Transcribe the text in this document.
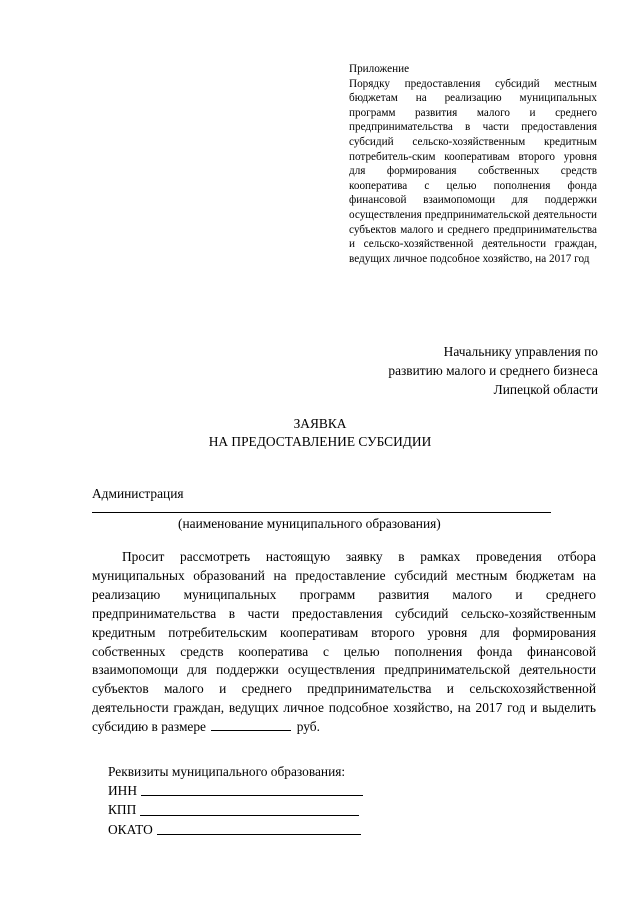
Приложение
Порядку предоставления субсидий местным бюджетам на реализацию муниципальных программ развития малого и среднего предпринимательства в части предоставления субсидий сельско-хозяйственным кредитным потребитель-ским кооперативам второго уровня для формирования собственных средств кооператива с целью пополнения фонда финансовой взаимопомощи для поддержки осуществления предпринимательской деятельности субъектов малого и среднего предпринимательства и сельско-хозяйственной деятельности граждан, ведущих личное подсобное хозяйство, на 2017 год
Начальнику управления по
развитию малого и среднего бизнеса
Липецкой области
ЗАЯВКА
НА ПРЕДОСТАВЛЕНИЕ СУБСИДИИ
Администрация
(наименование муниципального образования)

Просит рассмотреть настоящую заявку в рамках проведения отбора муниципальных образований на предоставление субсидий местным бюджетам на реализацию муниципальных программ развития малого и среднего предпринимательства в части предоставления субсидий сельско-хозяйственным кредитным потребительским кооперативам второго уровня для формирования собственных средств кооператива с целью пополнения фонда финансовой взаимопомощи для поддержки осуществления предпринимательской деятельности субъектов малого и среднего предпринимательства и сельскохозяйственной деятельности граждан, ведущих личное подсобное хозяйство, на 2017 год и выделить субсидию в размере	руб.

Реквизиты муниципального образования:
ИНН
КПП
ОКАТО
